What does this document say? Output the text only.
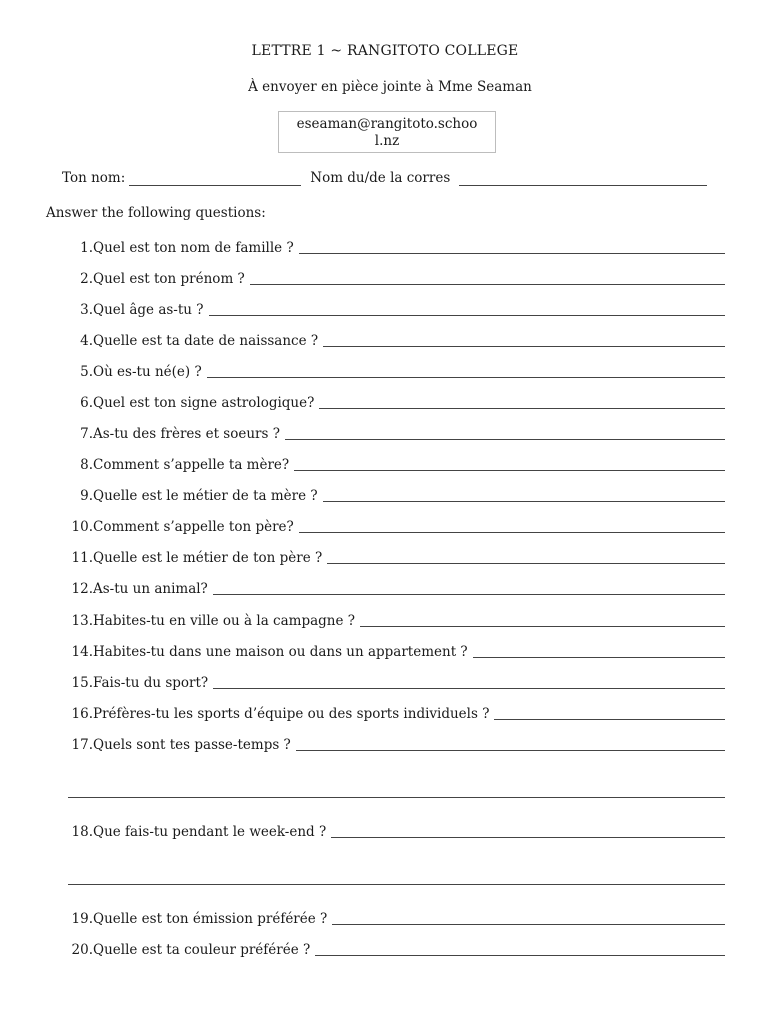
LETTRE 1 ~ RANGITOTO COLLEGE
À envoyer en pièce jointe à Mme Seaman
eseaman@rangitoto.school.nz
Ton nom:	Nom du/de la corres
Answer the following questions:
1. Quel est ton nom de famille ?
2. Quel est ton prénom ?
3. Quel âge as-tu ?
4. Quelle est ta date de naissance ?
5. Où es-tu né(e) ?
6. Quel est ton signe astrologique?
7. As-tu des frères et soeurs ?
8. Comment s’appelle ta mère?
9. Quelle est le métier de ta mère ?
10. Comment s’appelle ton père?
11. Quelle est le métier de ton père ?
12. As-tu un animal?
13. Habites-tu en ville ou à la campagne ?
14. Habites-tu dans une maison ou dans un appartement ?
15. Fais-tu du sport?
16. Préfères-tu les sports d’équipe ou des sports individuels ?
17. Quels sont tes passe-temps ?
18. Que fais-tu pendant le week-end ?
19. Quelle est ton émission préférée ?
20. Quelle est ta couleur préférée ?
